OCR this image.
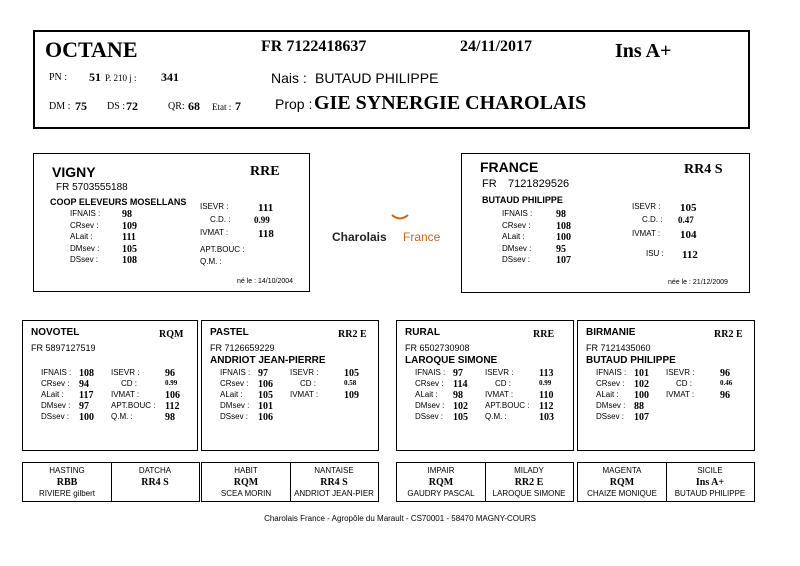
OCTANE	FR 7122418637	24/11/2017	Ins A+
PN : 51 P. 210 j : 341	Nais : BUTAUD PHILIPPE
DM : 75 DS : 72	QR: 68 Etat : 7 Prop : GIE SYNERGIE CHAROLAIS
VIGNY	RRE
FR 5703555188
COOP ELEVEURS MOSELLANS
IFNAIS : 98
CRsev : 109
ALait :	111
DMsev : 105
DSsev : 108
ISEVR :	111
C.D. :	0.99
IVMAT :	118
APT.BOUC :
Q.M. :
né le : 14/10/2004
Charolais France
FRANCE	RR4 S
FR 7121829526
BUTAUD PHILIPPE
IFNAIS : 98
CRsev :	108
ALait :	100
DMsev : 95
DSsev :	107
ISEVR : 105
C.D. : 0.47
IVMAT : 104
ISU : 112
née le : 21/12/2009
NOVOTEL	RQM
FR 5897127519
IFNAIS : 108
CRsev : 94
ALait : 117
DMsev : 97
DSsev : 100
ISEVR :	96
CD :	0.99
IVMAT :	106
APT.BOUC : 112
Q.M. :	98
PASTEL	RR2 E
FR 7126659229
ANDRIOT JEAN-PIERRE
IFNAIS : 97
CRsev : 106
ALait : 105
DMsev : 101
DSsev : 106
ISEVR :	105
CD :	0.58
IVMAT :	109
RURAL	RRE
FR 6502730908
LAROQUE SIMONE
IFNAIS : 97
CRsev : 114
ALait : 98
DMsev : 102
DSsev : 105
ISEVR :	113
CD :	0.99
IVMAT :	110
APT.BOUC : 112
Q.M. :	103
BIRMANIE	RR2 E
FR 7121435060
BUTAUD PHILIPPE
IFNAIS : 101
CRsev : 102
ALait : 100
DMsev : 88
DSsev : 107
ISEVR :	96
CD :	0.46
IVMAT :	96
HASTING
RBB
RIVIERE gilbert
DATCHA
RR4 S
HABIT
RQM
SCEA MORIN
NANTAISE
RR4 S
ANDRIOT JEAN-PIER
IMPAIR
RQM
GAUDRY PASCAL
MILADY
RR2 E
LAROQUE SIMONE
MAGENTA
RQM
CHAIZE MONIQUE
SICILE
Ins A+
BUTAUD PHILIPPE
Charolais France - Agropôle du Marault - CS70001 - 58470 MAGNY-COURS
